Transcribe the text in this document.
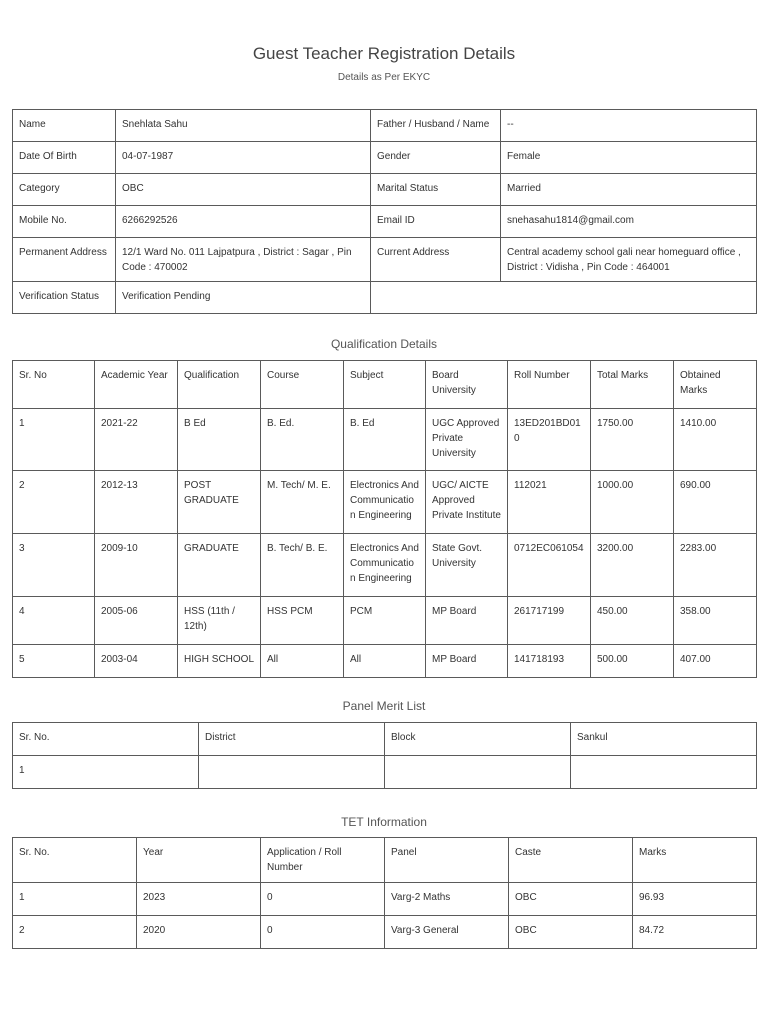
Guest Teacher Registration Details
Details as Per EKYC
Name	Snehlata Sahu	Father / Husband / Name	--
Date Of Birth	04-07-1987	Gender	Female
Category	OBC	Marital Status	Married
Mobile No.	6266292526	Email ID	snehasahu1814@gmail.com
Permanent Address	12/1 Ward No. 011 Lajpatpura , District : Sagar , Pin Code : 470002	Current Address	Central academy school gali near homeguard office , District : Vidisha , Pin Code : 464001
Verification Status	Verification Pending		
Qualification Details
Sr. No	Academic Year	Qualification	Course	Subject	Board University	Roll Number	Total Marks	Obtained Marks
1	2021-22	B Ed	B. Ed.	B. Ed	UGC Approved Private University	13ED201BD010	1750.00	1410.00
2	2012-13	POST GRADUATE	M. Tech/ M. E.	Electronics And Communication Engineering	UGC/ AICTE Approved Private Institute	112021	1000.00	690.00
3	2009-10	GRADUATE	B. Tech/ B. E.	Electronics And Communication Engineering	State Govt. University	0712EC061054	3200.00	2283.00
4	2005-06	HSS (11th / 12th)	HSS PCM	PCM	MP Board	261717199	450.00	358.00
5	2003-04	HIGH SCHOOL	All	All	MP Board	141718193	500.00	407.00
Panel Merit List
Sr. No.	District	Block	Sankul
1			
TET Information
Sr. No.	Year	Application / Roll Number	Panel	Caste	Marks
1	2023	0	Varg-2 Maths	OBC	96.93
2	2020	0	Varg-3 General	OBC	84.72
